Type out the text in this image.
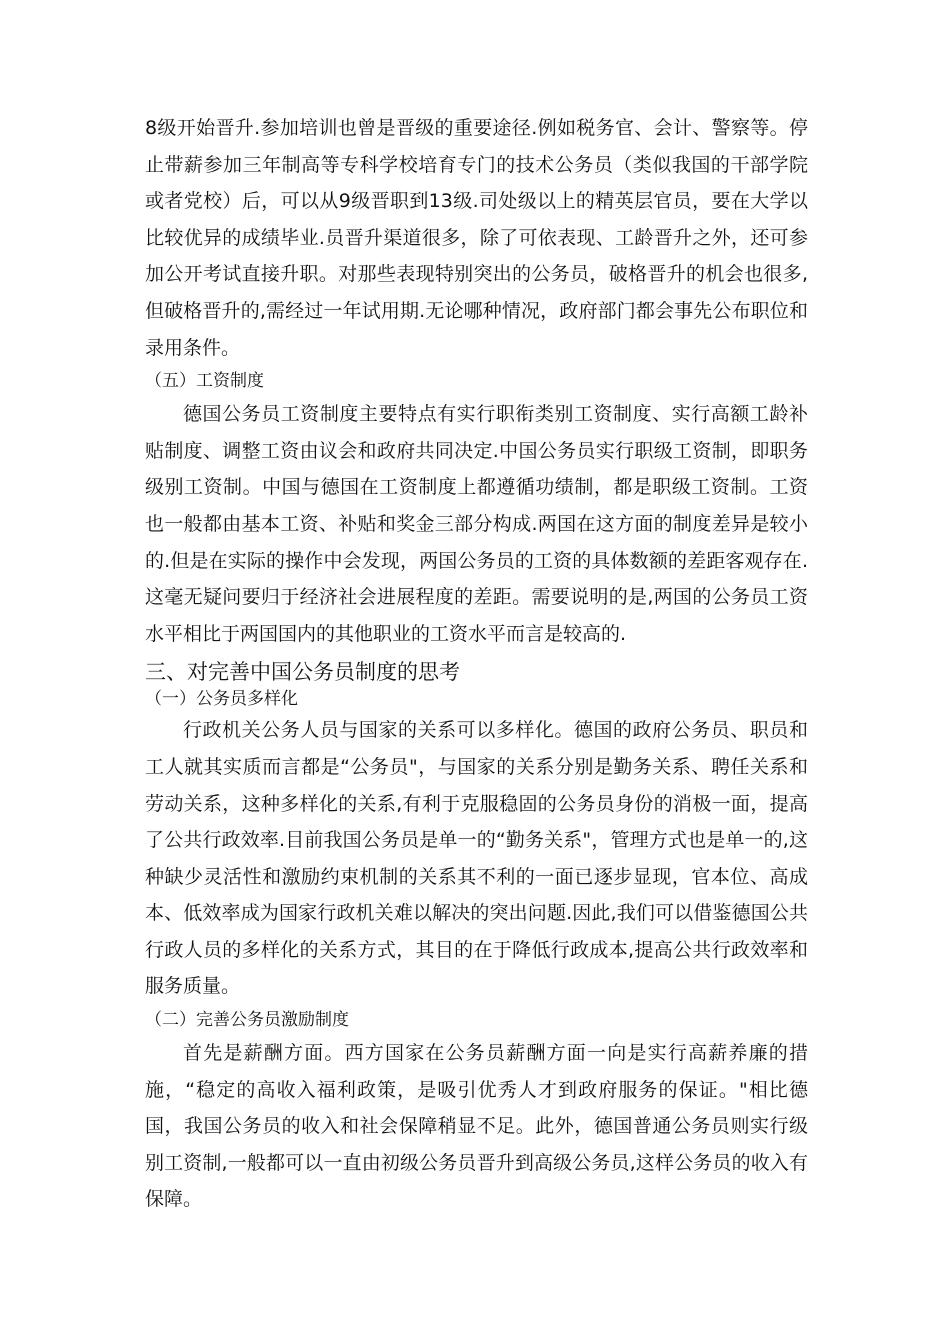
8级开始晋升.参加培训也曾是晋级的重要途径.例如税务官、会计、警察等。停止带薪参加三年制高等专科学校培育专门的技术公务员（类似我国的干部学院或者党校）后，可以从9级晋职到13级.司处级以上的精英层官员，要在大学以比较优异的成绩毕业.员晋升渠道很多，除了可依表现、工龄晋升之外，还可参加公开考试直接升职。对那些表现特别突出的公务员，破格晋升的机会也很多,但破格晋升的,需经过一年试用期.无论哪种情况，政府部门都会事先公布职位和录用条件。

（五）工资制度

德国公务员工资制度主要特点有实行职衔类别工资制度、实行高额工龄补贴制度、调整工资由议会和政府共同决定.中国公务员实行职级工资制，即职务级别工资制。中国与德国在工资制度上都遵循功绩制，都是职级工资制。工资也一般都由基本工资、补贴和奖金三部分构成.两国在这方面的制度差异是较小的.但是在实际的操作中会发现，两国公务员的工资的具体数额的差距客观存在.这毫无疑问要归于经济社会进展程度的差距。需要说明的是,两国的公务员工资水平相比于两国国内的其他职业的工资水平而言是较高的.

三、对完善中国公务员制度的思考

（一）公务员多样化

行政机关公务人员与国家的关系可以多样化。德国的政府公务员、职员和工人就其实质而言都是“公务员"，与国家的关系分别是勤务关系、聘任关系和劳动关系，这种多样化的关系,有利于克服稳固的公务员身份的消极一面，提高了公共行政效率.目前我国公务员是单一的“勤务关系"，管理方式也是单一的,这种缺少灵活性和激励约束机制的关系其不利的一面已逐步显现，官本位、高成本、低效率成为国家行政机关难以解决的突出问题.因此,我们可以借鉴德国公共行政人员的多样化的关系方式，其目的在于降低行政成本,提高公共行政效率和服务质量。

（二）完善公务员激励制度

首先是薪酬方面。西方国家在公务员薪酬方面一向是实行高薪养廉的措施，“稳定的高收入福利政策，是吸引优秀人才到政府服务的保证。"相比德国，我国公务员的收入和社会保障稍显不足。此外，德国普通公务员则实行级别工资制,一般都可以一直由初级公务员晋升到高级公务员,这样公务员的收入有保障。
